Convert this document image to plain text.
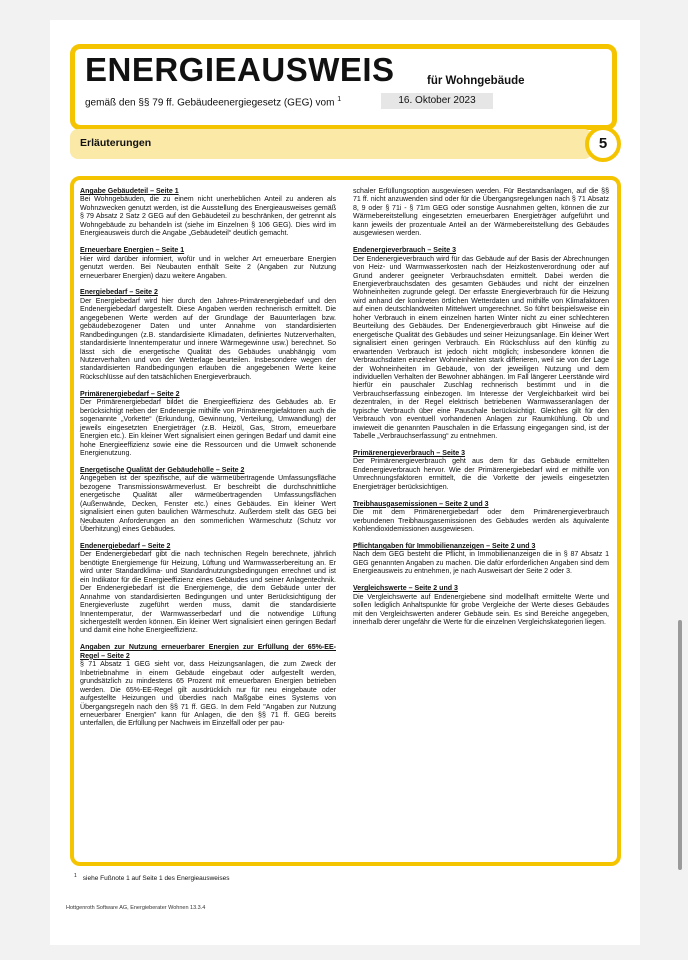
ENERGIEAUSWEIS	für Wohngebäude
gemäß den §§ 79 ff. Gebäudeenergiegesetz (GEG) vom $^1$	16. Oktober 2023
Erläuterungen	5
Angabe Gebäudeteil – Seite 1
Bei Wohngebäuden, die zu einem nicht unerheblichen Anteil zu anderen als Wohnzwecken genutzt werden, ist die Ausstellung des Energieausweises gemäß § 79 Absatz 2 Satz 2 GEG auf den Gebäudeteil zu beschränken, der getrennt als Wohngebäude zu behandeln ist (siehe im Einzelnen § 106 GEG). Dies wird im Energieausweis durch die Angabe „Gebäudeteil“ deutlich gemacht.
Erneuerbare Energien – Seite 1
Hier wird darüber informiert, wofür und in welcher Art erneuerbare Energien genutzt werden. Bei Neubauten enthält Seite 2 (Angaben zur Nutzung erneuerbarer Energien) dazu weitere Angaben.
Energiebedarf – Seite 2
Der Energiebedarf wird hier durch den Jahres-Primärenergiebedarf und den Endenergiebedarf dargestellt. Diese Angaben werden rechnerisch ermittelt. Die angegebenen Werte werden auf der Grundlage der Bauunterlagen bzw. gebäudebezogener Daten und unter Annahme von standardisierten Randbedingungen (z.B. standardisierte Klimadaten, definiertes Nutzerverhalten, standardisierte Innentemperatur und innere Wärmegewinne usw.) berechnet. So lässt sich die energetische Qualität des Gebäudes unabhängig vom Nutzerverhalten und von der Wetterlage beurteilen. Insbesondere wegen der standardisierten Randbedingungen erlauben die angegebenen Werte keine Rückschlüsse auf den tatsächlichen Energieverbrauch.
Primärenergiebedarf – Seite 2
Der Primärenergiebedarf bildet die Energieeffizienz des Gebäudes ab. Er berücksichtigt neben der Endenergie mithilfe von Primärenergiefaktoren auch die sogenannte „Vorkette“ (Erkundung, Gewinnung, Verteilung, Umwandlung) der jeweils eingesetzten Energieträger (z.B. Heizöl, Gas, Strom, erneuerbare Energien etc.). Ein kleiner Wert signalisiert einen geringen Bedarf und damit eine hohe Energieeffizienz sowie eine die Ressourcen und die Umwelt schonende Energienutzung.
Energetische Qualität der Gebäudehülle – Seite 2
Angegeben ist der spezifische, auf die wärmeübertragende Umfassungsfläche bezogene Transmissionswärmeverlust. Er beschreibt die durchschnittliche energetische Qualität aller wärmeübertragenden Umfassungsflächen (Außenwände, Decken, Fenster etc.) eines Gebäudes. Ein kleiner Wert signalisiert einen guten baulichen Wärmeschutz. Außerdem stellt das GEG bei Neubauten Anforderungen an den sommerlichen Wärmeschutz (Schutz vor Überhitzung) eines Gebäudes.
Endenergiebedarf – Seite 2
Der Endenergiebedarf gibt die nach technischen Regeln berechnete, jährlich benötigte Energiemenge für Heizung, Lüftung und Warmwasserbereitung an. Er wird unter Standardklima- und Standardnutzungsbedingungen errechnet und ist ein Indikator für die Energieeffizienz eines Gebäudes und seiner Anlagentechnik. Der Endenergiebedarf ist die Energiemenge, die dem Gebäude unter der Annahme von standardisierten Bedingungen und unter Berücksichtigung der Energieverluste zugeführt werden muss, damit die standardisierte Innentemperatur, der Warmwasserbedarf und die notwendige Lüftung sichergestellt werden können. Ein kleiner Wert signalisiert einen geringen Bedarf und damit eine hohe Energieeffizienz.
Angaben zur Nutzung erneuerbarer Energien zur Erfüllung der 65%-EE-Regel – Seite 2
§ 71 Absatz 1 GEG sieht vor, dass Heizungsanlagen, die zum Zweck der Inbetriebnahme in einem Gebäude eingebaut oder aufgestellt werden, grundsätzlich zu mindestens 65 Prozent mit erneuerbaren Energien betrieben werden. Die 65%-EE-Regel gilt ausdrücklich nur für neu eingebaute oder aufgestellte Heizungen und überdies nach Maßgabe eines Systems von Übergangsregeln nach den §§ 71 ff. GEG. In dem Feld "Angaben zur Nutzung erneuerbarer Energien" kann für Anlagen, die den §§ 71 ff. GEG bereits unterfallen, die Erfüllung per Nachweis im Einzelfall oder per pau-
schaler Erfüllungsoption ausgewiesen werden. Für Bestandsanlagen, auf die §§ 71 ff. nicht anzuwenden sind oder für die Übergangsregelungen nach § 71 Absatz 8, 9 oder § 71i - § 71m GEG oder sonstige Ausnahmen gelten, können die zur Wärmebereitstellung eingesetzten erneuerbaren Energieträger aufgeführt und kann jeweils der prozentuale Anteil an der Wärmebereitstellung des Gebäudes ausgewiesen werden.
Endenergieverbrauch – Seite 3
Der Endenergieverbrauch wird für das Gebäude auf der Basis der Abrechnungen von Heiz- und Warmwasserkosten nach der Heizkostenverordnung oder auf Grund anderer geeigneter Verbrauchsdaten ermittelt. Dabei werden die Energieverbrauchsdaten des gesamten Gebäudes und nicht der einzelnen Wohneinheiten zugrunde gelegt. Der erfasste Energieverbrauch für die Heizung wird anhand der konkreten örtlichen Wetterdaten und mithilfe von Klimafaktoren auf einen deutschlandweiten Mittelwert umgerechnet. So führt beispielsweise ein hoher Verbrauch in einem einzelnen harten Winter nicht zu einer schlechteren Beurteilung des Gebäudes. Der Endenergieverbrauch gibt Hinweise auf die energetische Qualität des Gebäudes und seiner Heizungsanlage. Ein kleiner Wert signalisiert einen geringen Verbrauch. Ein Rückschluss auf den künftig zu erwartenden Verbrauch ist jedoch nicht möglich; insbesondere können die Verbrauchsdaten einzelner Wohneinheiten stark differieren, weil sie von der Lage der Wohneinheiten im Gebäude, von der jeweiligen Nutzung und dem individuellen Verhalten der Bewohner abhängen. Im Fall längerer Leerstände wird hierfür ein pauschaler Zuschlag rechnerisch bestimmt und in die Verbrauchserfassung einbezogen. Im Interesse der Vergleichbarkeit wird bei dezentralen, in der Regel elektrisch betriebenen Warmwasseranlagen der typische Verbrauch über eine Pauschale berücksichtigt. Gleiches gilt für den Verbrauch von eventuell vorhandenen Anlagen zur Raumkühlung. Ob und inwieweit die genannten Pauschalen in die Erfassung eingegangen sind, ist der Tabelle „Verbrauchserfassung“ zu entnehmen.
Primärenergieverbrauch – Seite 3
Der Primärenergieverbrauch geht aus dem für das Gebäude ermittelten Endenergieverbrauch hervor. Wie der Primärenergiebedarf wird er mithilfe von Umrechnungsfaktoren ermittelt, die die Vorkette der jeweils eingesetzten Energieträger berücksichtigen.
Treibhausgasemissionen – Seite 2 und 3
Die mit dem Primärenergiebedarf oder dem Primärenergieverbrauch verbundenen Treibhausgasemissionen des Gebäudes werden als äquivalente Kohlendioxidemissionen ausgewiesen.
Pflichtangaben für Immobilienanzeigen – Seite 2 und 3
Nach dem GEG besteht die Pflicht, in Immobilienanzeigen die in § 87 Absatz 1 GEG genannten Angaben zu machen. Die dafür erforderlichen Angaben sind dem Energieausweis zu entnehmen, je nach Ausweisart der Seite 2 oder 3.
Vergleichswerte – Seite 2 und 3
Die Vergleichswerte auf Endenergiebene sind modellhaft ermittelte Werte und sollen lediglich Anhaltspunkte für grobe Vergleiche der Werte dieses Gebäudes mit den Vergleichswerten anderer Gebäude sein. Es sind Bereiche angegeben, innerhalb derer ungefähr die Werte für die einzelnen Vergleichskategorien liegen.
$^1$ siehe Fußnote 1 auf Seite 1 des Energieausweises
Hottgenroth Software AG, Energieberater Wohnen 13.3.4
